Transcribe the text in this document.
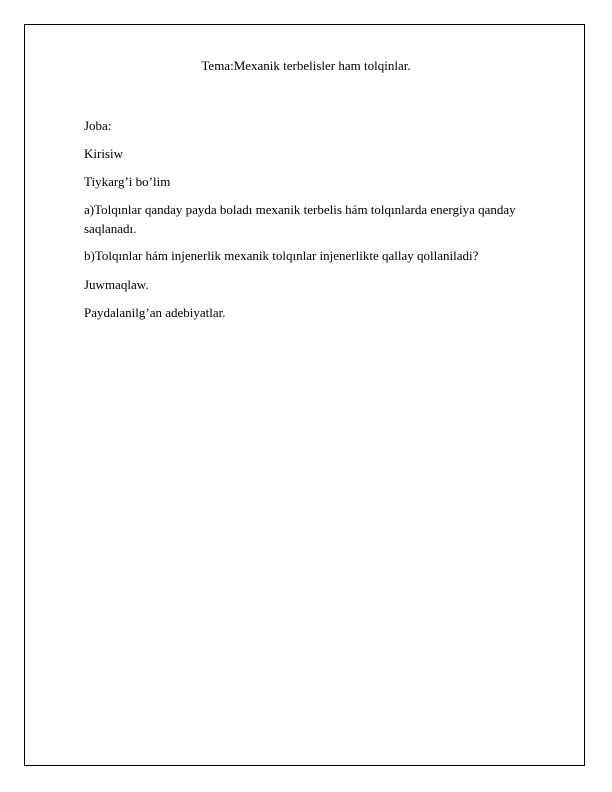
Tema:Mexanik terbelisler ham tolqinlar.
Joba:
Kirisiw
Tiykarg’i bo’lim
a)Tolqınlar qanday payda boladı mexanik terbelis hám tolqınlarda energiya qanday saqlanadı.
b)Tolqınlar hám injenerlik mexanik tolqınlar injenerlikte qallay qollaniladi?
Juwmaqlaw.
Paydalanilg’an adebiyatlar.
